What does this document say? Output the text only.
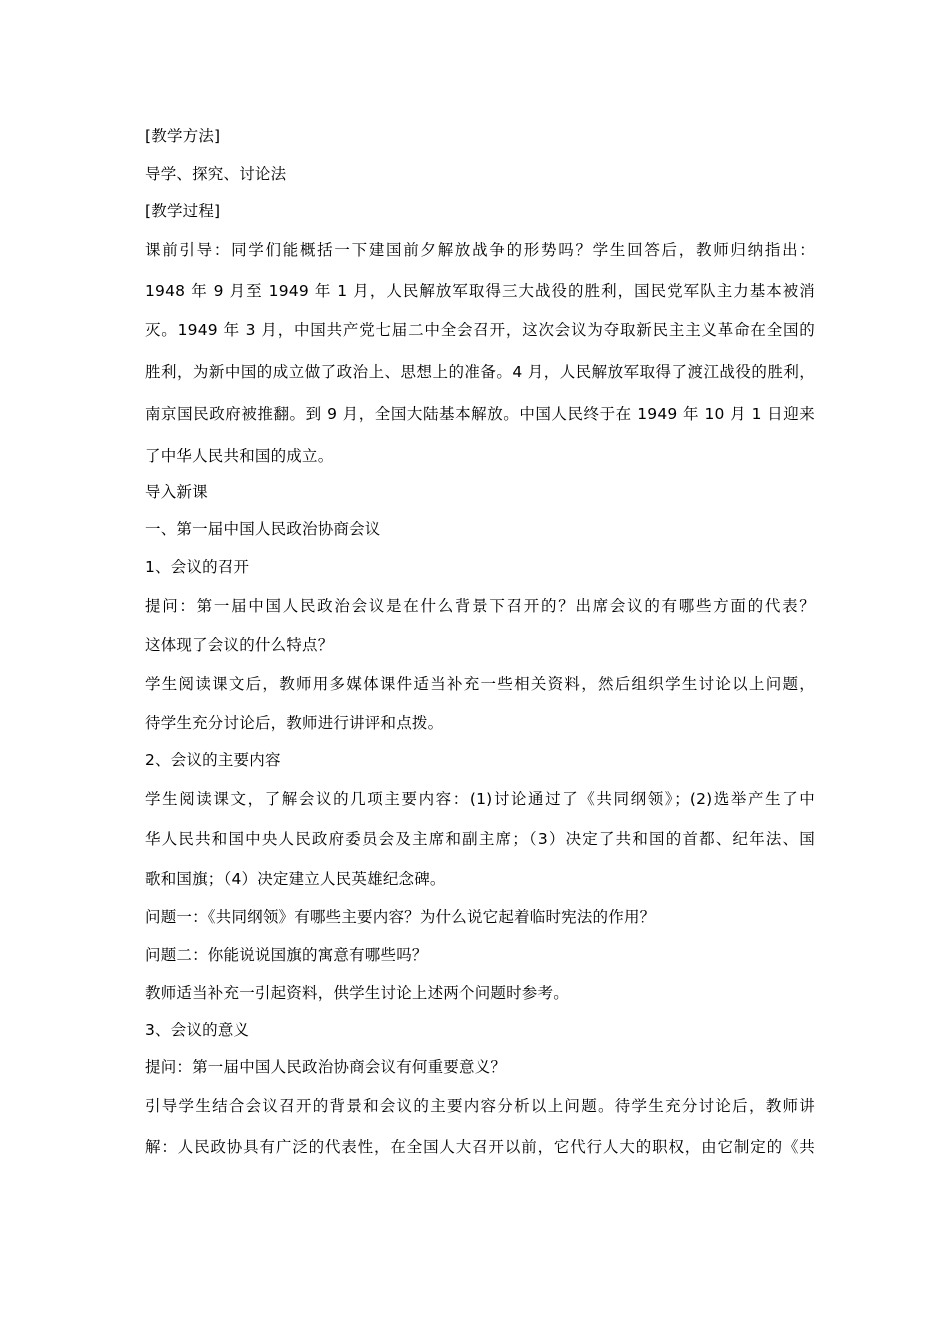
[教学方法]
导学、探究、讨论法
[教学过程]
课前引导：同学们能概括一下建国前夕解放战争的形势吗？学生回答后，教师归纳指出：
1948 年 9 月至 1949 年 1 月，人民解放军取得三大战役的胜利，国民党军队主力基本被消
灭。1949 年 3 月，中国共产党七届二中全会召开，这次会议为夺取新民主主义革命在全国的
胜利，为新中国的成立做了政治上、思想上的准备。4 月，人民解放军取得了渡江战役的胜利，
南京国民政府被推翻。到 9 月，全国大陆基本解放。中国人民终于在 1949 年 10 月 1 日迎来
了中华人民共和国的成立。
导入新课
一、第一届中国人民政治协商会议
1、会议的召开
提问：第一届中国人民政治会议是在什么背景下召开的？出席会议的有哪些方面的代表？
这体现了会议的什么特点？
学生阅读课文后，教师用多媒体课件适当补充一些相关资料，然后组织学生讨论以上问题，
待学生充分讨论后，教师进行讲评和点拨。
2、会议的主要内容
学生阅读课文，了解会议的几项主要内容：(1)讨论通过了《共同纲领》；(2)选举产生了中
华人民共和国中央人民政府委员会及主席和副主席；（3）决定了共和国的首都、纪年法、国
歌和国旗；（4）决定建立人民英雄纪念碑。
问题一：《共同纲领》有哪些主要内容？为什么说它起着临时宪法的作用？
问题二：你能说说国旗的寓意有哪些吗？
教师适当补充一引起资料，供学生讨论上述两个问题时参考。
3、会议的意义
提问：第一届中国人民政治协商会议有何重要意义？
引导学生结合会议召开的背景和会议的主要内容分析以上问题。待学生充分讨论后，教师讲
解：人民政协具有广泛的代表性，在全国人大召开以前，它代行人大的职权，由它制定的《共
